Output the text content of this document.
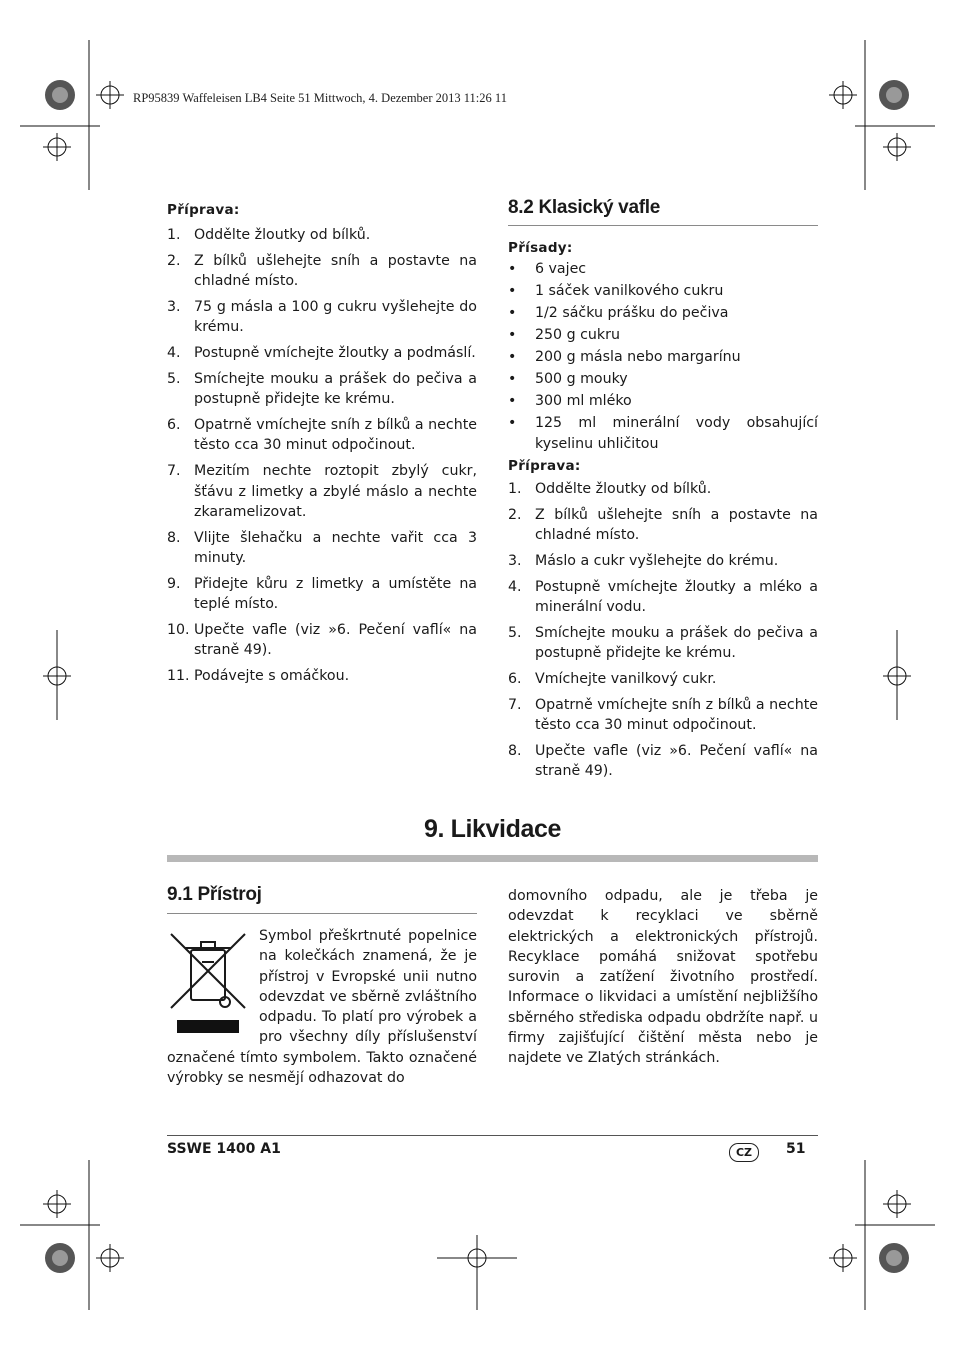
RP95839 Waffeleisen LB4 Seite 51 Mittwoch, 4. Dezember 2013 11:26 11

Příprava:

1. Oddělte žloutky od bílků.
2. Z bílků ušlehejte sníh a postavte na chladné místo.
3. 75 g másla a 100 g cukru vyšlehejte do krému.
4. Postupně vmíchejte žloutky a podmáslí.
5. Smíchejte mouku a prášek do pečiva a postupně přidejte ke krému.
6. Opatrně vmíchejte sníh z bílků a nechte těsto cca 30 minut odpočinout.
7. Mezitím nechte roztopit zbylý cukr, šťávu z limetky a zbylé máslo a nechte zkaramelizovat.
8. Vlijte šlehačku a nechte vařit cca 3 minuty.
9. Přidejte kůru z limetky a umístěte na teplé místo.
10. Upečte vafle (viz »6. Pečení vaflí« na straně 49).
11. Podávejte s omáčkou.
8.2 Klasický vafle

Přísady:

•	6 vajec
•	1 sáček vanilkového cukru
•	1/2 sáčku prášku do pečiva
•	250 g cukru
•	200 g másla nebo margarínu
•	500 g mouky
•	300 ml mléko
•	125 ml minerální vody obsahující kyselinu uhličitou

Příprava:

1. Oddělte žloutky od bílků.
2. Z bílků ušlehejte sníh a postavte na chladné místo.
3. Máslo a cukr vyšlehejte do krému.
4. Postupně vmíchejte žloutky a mléko a minerální vodu.
5. Smíchejte mouku a prášek do pečiva a postupně přidejte ke krému.
6. Vmíchejte vanilkový cukr.
7. Opatrně vmíchejte sníh z bílků a nechte těsto cca 30 minut odpočinout.
8. Upečte vafle (viz »6. Pečení vaflí« na straně 49).
9. Likvidace
9.1 Přístroj
Symbol přeškrtnuté popelnice na kolečkách znamená, že je přístroj v Evropské unii nutno odevzdat ve sběrně zvláštního odpadu. To platí pro výrobek a pro všechny díly příslušenství označené tímto symbolem. Takto označené výrobky se nesmějí odhazovat do
domovního odpadu, ale je třeba je odevzdat k recyklaci ve sběrně elektrických a elektronických přístrojů. Recyklace pomáhá snižovat spotřebu surovin a zatížení životního prostředí. Informace o likvidaci a umístění nejbližšího sběrného střediska odpadu obdržíte např. u firmy zajišťující čištění města nebo je najdete ve Zlatých stránkách.
SSWE 1400 A1	CZ	51
